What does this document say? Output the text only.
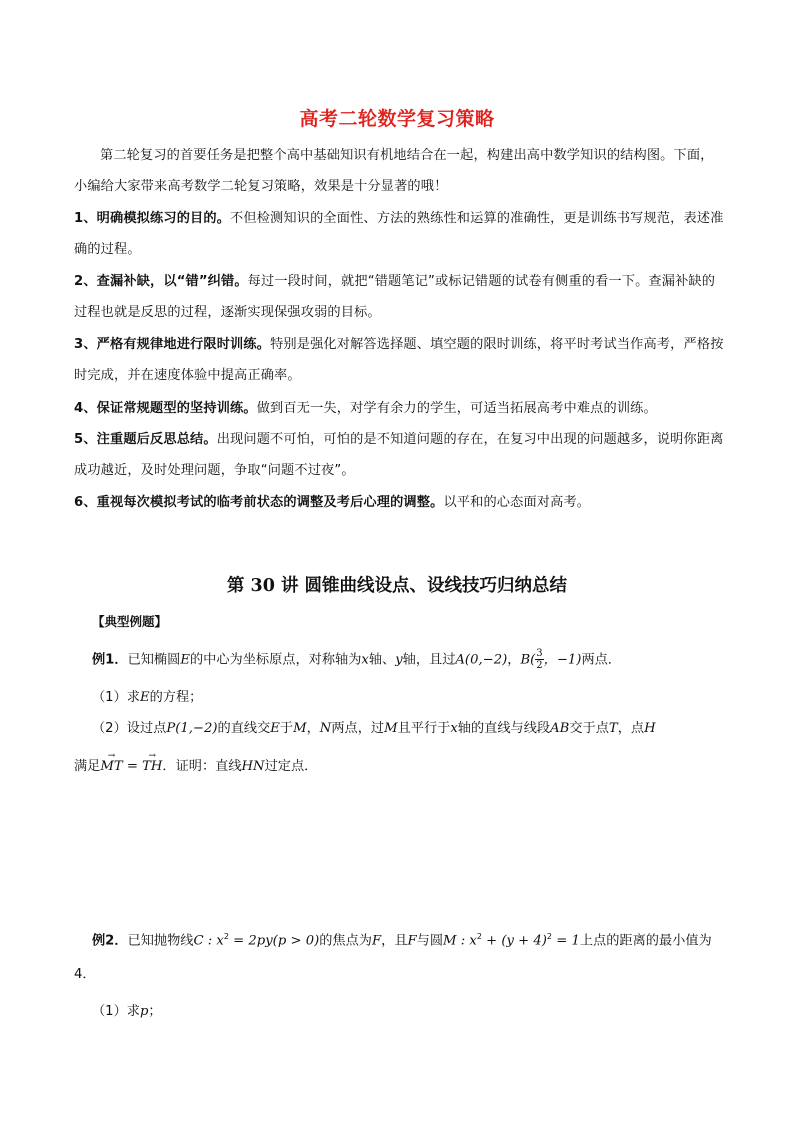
高考二轮数学复习策略
第二轮复习的首要任务是把整个高中基础知识有机地结合在一起，构建出高中数学知识的结构图。下面，小编给大家带来高考数学二轮复习策略，效果是十分显著的哦！
1、明确模拟练习的目的。不但检测知识的全面性、方法的熟练性和运算的准确性，更是训练书写规范，表述准确的过程。
2、查漏补缺，以“错”纠错。每过一段时间，就把“错题笔记”或标记错题的试卷有侧重的看一下。查漏补缺的过程也就是反思的过程，逐渐实现保强攻弱的目标。
3、严格有规律地进行限时训练。特别是强化对解答选择题、填空题的限时训练，将平时考试当作高考，严格按时完成，并在速度体验中提高正确率。
4、保证常规题型的坚持训练。做到百无一失，对学有余力的学生，可适当拓展高考中难点的训练。
5、注重题后反思总结。出现问题不可怕，可怕的是不知道问题的存在，在复习中出现的问题越多，说明你距离成功越近，及时处理问题，争取“问题不过夜”。
6、重视每次模拟考试的临考前状态的调整及考后心理的调整。以平和的心态面对高考。
第 30 讲 圆锥曲线设点、设线技巧归纳总结
【典型例题】
例1．已知椭圆E的中心为坐标原点，对称轴为x轴、y轴，且过A(0,−2)，$B( \frac{3}{2}$ ，−1)两点．
（1）求E的方程；
（2）设过点P(1,−2)的直线交E于M，N两点，过M且平行于x轴的直线与线段AB交于点T，点H
满足→ MT = → TH．证明：直线HN过定点．
例2．已知抛物线C : $x^2 = 2py(p > 0)$的焦点为F，且F与圆M : $x^2 + (y + 4)^2 = 1$上点的距离的最小值为
4．
（1）求p；
